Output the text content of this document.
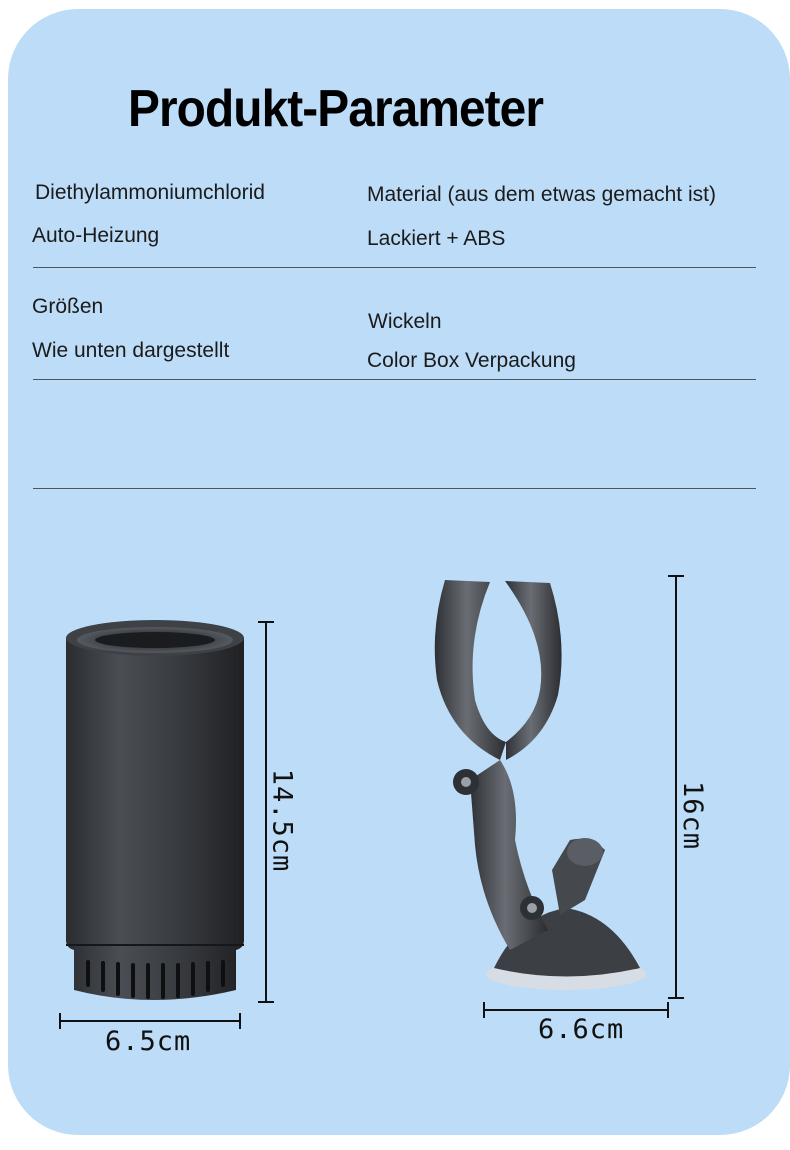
Produkt-Parameter
Diethylammoniumchlorid
Auto-Heizung
Material (aus dem etwas gemacht ist)
Lackiert + ABS
Größen
Wie unten dargestellt
Wickeln
Color Box Verpackung
14.5cm
6.5cm
16cm
6.6cm
